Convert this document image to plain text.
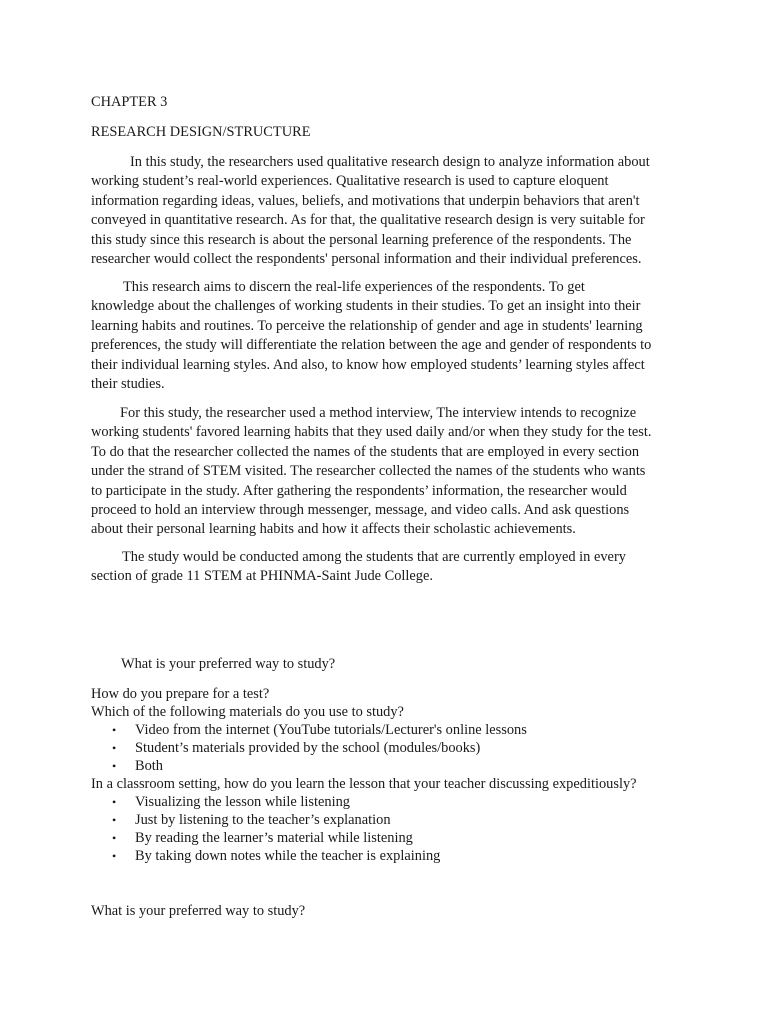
CHAPTER 3
RESEARCH DESIGN/STRUCTURE
In this study, the researchers used qualitative research design to analyze information about
working student’s real-world experiences. Qualitative research is used to capture eloquent
information regarding ideas, values, beliefs, and motivations that underpin behaviors that aren't
conveyed in quantitative research. As for that, the qualitative research design is very suitable for
this study since this research is about the personal learning preference of the respondents. The
researcher would collect the respondents' personal information and their individual preferences.
This research aims to discern the real-life experiences of the respondents. To get
knowledge about the challenges of working students in their studies. To get an insight into their
learning habits and routines. To perceive the relationship of gender and age in students' learning
preferences, the study will differentiate the relation between the age and gender of respondents to
their individual learning styles. And also, to know how employed students’ learning styles affect
their studies.
For this study, the researcher used a method interview, The interview intends to recognize
working students' favored learning habits that they used daily and/or when they study for the test.
To do that the researcher collected the names of the students that are employed in every section
under the strand of STEM visited. The researcher collected the names of the students who wants
to participate in the study. After gathering the respondents’ information, the researcher would
proceed to hold an interview through messenger, message, and video calls. And ask questions
about their personal learning habits and how it affects their scholastic achievements.
The study would be conducted among the students that are currently employed in every
section of grade 11 STEM at PHINMA-Saint Jude College.
What is your preferred way to study?
How do you prepare for a test?
Which of the following materials do you use to study?
• Video from the internet (YouTube tutorials/Lecturer's online lessons
• Student’s materials provided by the school (modules/books)
• Both
In a classroom setting, how do you learn the lesson that your teacher discussing expeditiously?
• Visualizing the lesson while listening
• Just by listening to the teacher’s explanation
• By reading the learner’s material while listening
• By taking down notes while the teacher is explaining
What is your preferred way to study?
